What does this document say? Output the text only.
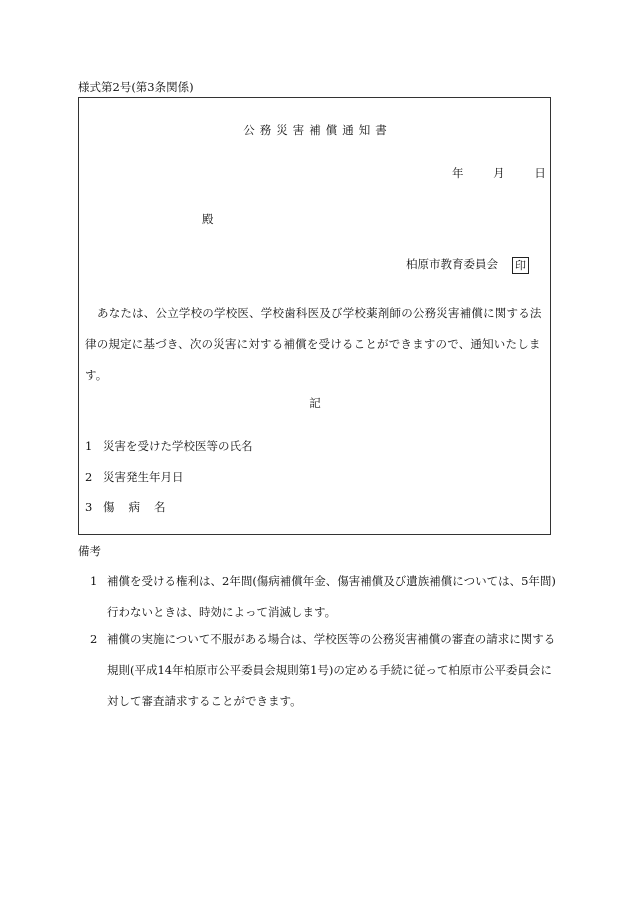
様式第2号(第3条関係)
公務災害補償通知書
年	月	日
殿
柏原市教育委員会 印
あなたは、公立学校の学校医、学校歯科医及び学校薬剤師の公務災害補償に関する法律の規定に基づき、次の災害に対する補償を受けることができますので、通知いたします。
記
1 災害を受けた学校医等の氏名
2 災害発生年月日
3 傷 病 名
備考
1 補償を受ける権利は、2年間(傷病補償年金、傷害補償及び遺族補償については、5年間)行わないときは、時効によって消滅します。
2 補償の実施について不服がある場合は、学校医等の公務災害補償の審査の請求に関する規則(平成14年柏原市公平委員会規則第1号)の定める手続に従って柏原市公平委員会に対して審査請求することができます。
